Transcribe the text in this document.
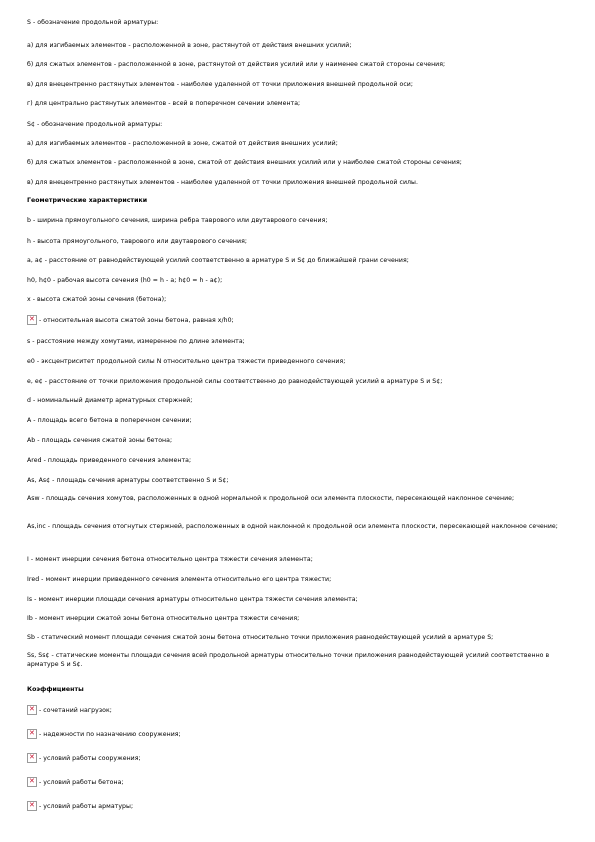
S - обозначение продольной арматуры:
а) для изгибаемых элементов - расположенной в зоне, растянутой от действия внешних усилий;
б) для сжатых элементов - расположенной в зоне, растянутой от действия усилий или у наименее сжатой стороны сечения;
в) для внецентренно растянутых элементов - наиболее удаленной от точки приложения внешней продольной оси;
г) для центрально растянутых элементов - всей в поперечном сечении элемента;
S¢ - обозначение продольной арматуры:
а) для изгибаемых элементов - расположенной в зоне, сжатой от действия внешних усилий;
б) для сжатых элементов - расположенной в зоне, сжатой от действия внешних усилий или у наиболее сжатой стороны сечения;
в) для внецентренно растянутых элементов - наиболее удаленной от точки приложения внешней продольной силы.
Геометрические характеристики
b - ширина прямоугольного сечения, ширина ребра таврового или двутаврового сечения;
h - высота прямоугольного, таврового или двутаврового сечения;
а, а¢ - расстояние от равнодействующей усилий соответственно в арматуре S и S¢ до ближайшей грани сечения;
h0, h¢0 - рабочая высота сечения (h0 = h - a; h¢0 = h - a¢);
x - высота сжатой зоны сечения (бетона);
✕- относительная высота сжатой зоны бетона, равная x/h0;
s - расстояние между хомутами, измеренное по длине элемента;
e0 - эксцентриситет продольной силы N относительно центра тяжести приведенного сечения;
e, e¢ - расстояние от точки приложения продольной силы соответственно до равнодействующей усилий в арматуре S и S¢;
d - номинальный диаметр арматурных стержней;
A - площадь всего бетона в поперечном сечении;
Ab - площадь сечения сжатой зоны бетона;
Ared - площадь приведенного сечения элемента;
As, As¢ - площадь сечения арматуры соответственно S и S¢;
Asw - площадь сечения хомутов, расположенных в одной нормальной к продольной оси элемента плоскости, пересекающей наклонное сечение;
As,inc - площадь сечения отогнутых стержней, расположенных в одной наклонной к продольной оси элемента плоскости, пересекающей наклонное сечение;
I - момент инерции сечения бетона относительно центра тяжести сечения элемента;
Ired - момент инерции приведенного сечения элемента относительно его центра тяжести;
Is - момент инерции площади сечения арматуры относительно центра тяжести сечения элемента;
Ib - момент инерции сжатой зоны бетона относительно центра тяжести сечения;
Sb - статический момент площади сечения сжатой зоны бетона относительно точки приложения равнодействующей усилий в арматуре S;
Ss, Ss¢ - статические моменты площади сечения всей продольной арматуры относительно точки приложения равнодействующей усилий соответственно в арматуре S и S¢.
Коэффициенты
✕- сочетаний нагрузок;
✕- надежности по назначению сооружения;
✕- условий работы сооружения;
✕- условий работы бетона;
✕- условий работы арматуры;
